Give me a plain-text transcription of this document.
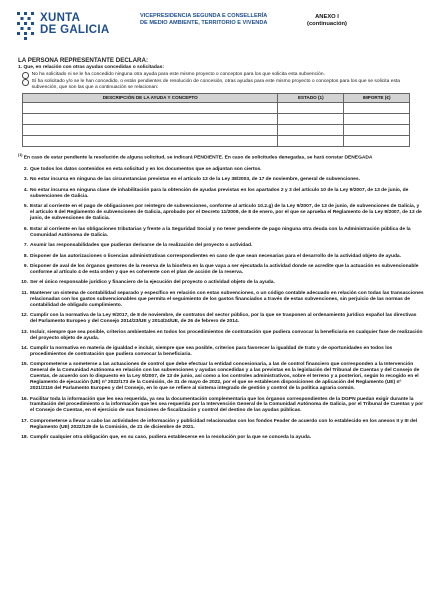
XUNTA
DE GALICIA
VICEPRESIDENCIA SEGUNDA E CONSELLERÍA DE MEDIO AMBIENTE, TERRITORIO E VIVENDA
ANEXO I
(continuación)
LA PERSONA REPRESENTANTE DECLARA:
1. Que, en relación con otras ayudas concedidas o solicitadas:
No ha solicitado ni se le ha concedido ninguna otra ayuda para este mismo proyecto o conceptos para los que solicita esta subvención.
Sí ha solicitado y/o se le han concedido, o están pendientes de resolución de concesión, otras ayudas para este mismo proyecto o conceptos para los que se solicita esta subvención, que son las que a continuación se relacionan:
DESCRIPCIÓN DE LA AYUDA Y CONCEPTO	ESTADO (1)	IMPORTE (€)

$^{(1)}$ En caso de estar pendiente la resolución de alguna solicitud, se indicará PENDIENTE. En caso de solicitudes denegadas, se hará constar DENEGADA
2. Que todos los datos contenidos en esta solicitud y en los documentos que se adjuntan son ciertos.
3. No estar incursa en ninguna de las circunstancias previstas en el artículo 13 de la Ley 38/2003, de 17 de noviembre, general de subvenciones.
4. No estar incursa en ninguna clase de inhabilitación para la obtención de ayudas previstas en los apartados 2 y 3 del artículo 10 de la Ley 9/2007, de 13 de junio, de subvenciones de Galicia.
5. Estar al corriente en el pago de obligaciones por reintegro de subvenciones, conforme al artículo 10.2.g) de la Ley 9/2007, de 13 de junio, de subvenciones de Galicia, y el artículo 9 del Reglamento de subvenciones de Galicia, aprobado por el Decreto 11/2009, de 8 de enero, por el que se aprueba el Reglamento de la Ley 9/2007, de 13 de junio, de subvenciones de Galicia.
6. Estar al corriente en las obligaciones tributarias y frente a la Seguridad Social y no tener pendiente de pago ninguna otra deuda con la Administración pública de la Comunidad Autónoma de Galicia.
7. Asumir las responsabilidades que pudieran derivarse de la realización del proyecto o actividad.
8. Disponer de las autorizaciones o licencias administrativas correspondientes en caso de que sean necesarias para el desarrollo de la actividad objeto de ayuda.
9. Disponer de aval de los órganos gestores de la reserva de la biosfera en la que vaya a ser ejecutada la actividad donde se acredite que la actuación es subvencionable conforme al artículo 4 de esta orden y que es coherente con el plan de acción de la reserva.
10. Ser el único responsable jurídico y financiero de la ejecución del proyecto o actividad objeto de la ayuda.
11. Mantener un sistema de contabilidad separado y específico en relación con estas subvenciones, o un código contable adecuado en relación con todas las transacciones relacionadas con los gastos subvencionables que permita el seguimiento de los gastos financiados a través de estas subvenciones, sin perjuicio de las normas de contabilidad de obligado cumplimiento.
12. Cumplir con la normativa de la Ley 9/2017, de 8 de noviembre, de contratos del sector público, por la que se trasponen al ordenamiento jurídico español las directivas del Parlamento Europeo y del Consejo 2014/23/UE y 2014/24/UE, de 26 de febrero de 2014.
13. Incluir, siempre que sea posible, criterios ambientales en todos los procedimientos de contratación que pudiera convocar la beneficiaria en cualquier fase de realización del proyecto objeto de ayuda.
14. Cumplir la normativa en materia de igualdad e incluir, siempre que sea posible, criterios para favorecer la igualdad de trato y de oportunidades en todos los procedimientos de contratación que pudiera convocar la beneficiaria.
15. Comprometerse a someterse a las actuaciones de control que debe efectuar la entidad concesionaria, a las de control financiero que corresponden a la Intervención General de la Comunidad Autónoma en relación con las subvenciones y ayudas concedidas y a las previstas en la legislación del Tribunal de Cuentas y del Consejo de Cuentas, de acuerdo con lo dispuesto en la Ley 9/2007, de 13 de junio, así como a los controles administrativos, sobre el terreno y a posteriori, según lo recogido en el Reglamento de ejecución (UE) nº 2022/173 de la Comisión, de 31 de mayo de 2022, por el que se establecen disposiciones de aplicación del Reglamento (UE) nº 2021/2116 del Parlamento Europeo y del Consejo, en lo que se refiere al sistema integrado de gestión y control de la política agraria común.
16. Facilitar toda la información que les sea requerida, ya sea la documentación complementaria que los órganos correspondientes de la DGPN puedan exigir durante la tramitación del procedimiento o la información que les sea requerida por la Intervención General de la Comunidad Autónoma de Galicia, por el Tribunal de Cuentas y por el Consejo de Cuentas, en el ejercicio de sus funciones de fiscalización y control del destino de las ayudas públicas.
17. Comprometerse a llevar a cabo las actividades de información y publicidad relacionadas con los fondos Feader de acuerdo con lo establecido en los anexos II y III del Reglamento (UE) 2022/129 de la Comisión, de 21 de diciembre de 2021.
18. Cumplir cualquier otra obligación que, en su caso, pudiera establecerse en la resolución por la que se conceda la ayuda.
